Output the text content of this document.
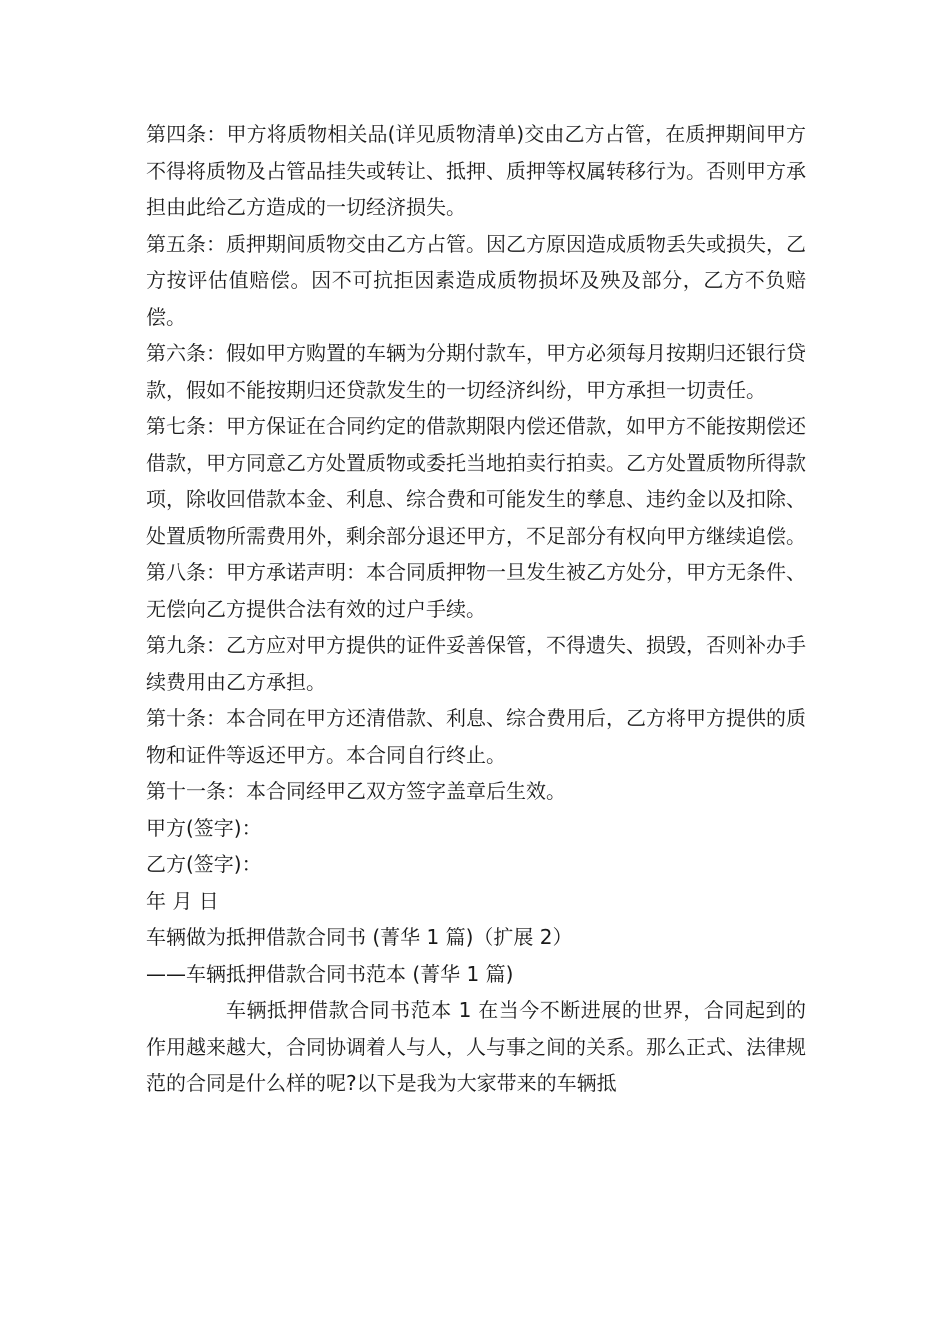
第四条：甲方将质物相关品(详见质物清单)交由乙方占管，在质押期间甲方不得将质物及占管品挂失或转让、抵押、质押等权属转移行为。否则甲方承担由此给乙方造成的一切经济损失。

第五条：质押期间质物交由乙方占管。因乙方原因造成质物丢失或损失，乙方按评估值赔偿。因不可抗拒因素造成质物损坏及殃及部分，乙方不负赔偿。

第六条：假如甲方购置的车辆为分期付款车，甲方必须每月按期归还银行贷款，假如不能按期归还贷款发生的一切经济纠纷，甲方承担一切责任。

第七条：甲方保证在合同约定的借款期限内偿还借款，如甲方不能按期偿还借款，甲方同意乙方处置质物或委托当地拍卖行拍卖。乙方处置质物所得款项，除收回借款本金、利息、综合费和可能发生的孳息、违约金以及扣除、处置质物所需费用外，剩余部分退还甲方，不足部分有权向甲方继续追偿。

第八条：甲方承诺声明：本合同质押物一旦发生被乙方处分，甲方无条件、无偿向乙方提供合法有效的过户手续。

第九条：乙方应对甲方提供的证件妥善保管，不得遗失、损毁，否则补办手续费用由乙方承担。

第十条：本合同在甲方还清借款、利息、综合费用后，乙方将甲方提供的质物和证件等返还甲方。本合同自行终止。

第十一条：本合同经甲乙双方签字盖章后生效。

甲方(签字)：

乙方(签字)：

年 月 日

车辆做为抵押借款合同书 (菁华 1 篇)（扩展 2）

——车辆抵押借款合同书范本 (菁华 1 篇)

车辆抵押借款合同书范本 1 在当今不断进展的世界，合同起到的作用越来越大，合同协调着人与人，人与事之间的关系。那么正式、法律规范的合同是什么样的呢?以下是我为大家带来的车辆抵
